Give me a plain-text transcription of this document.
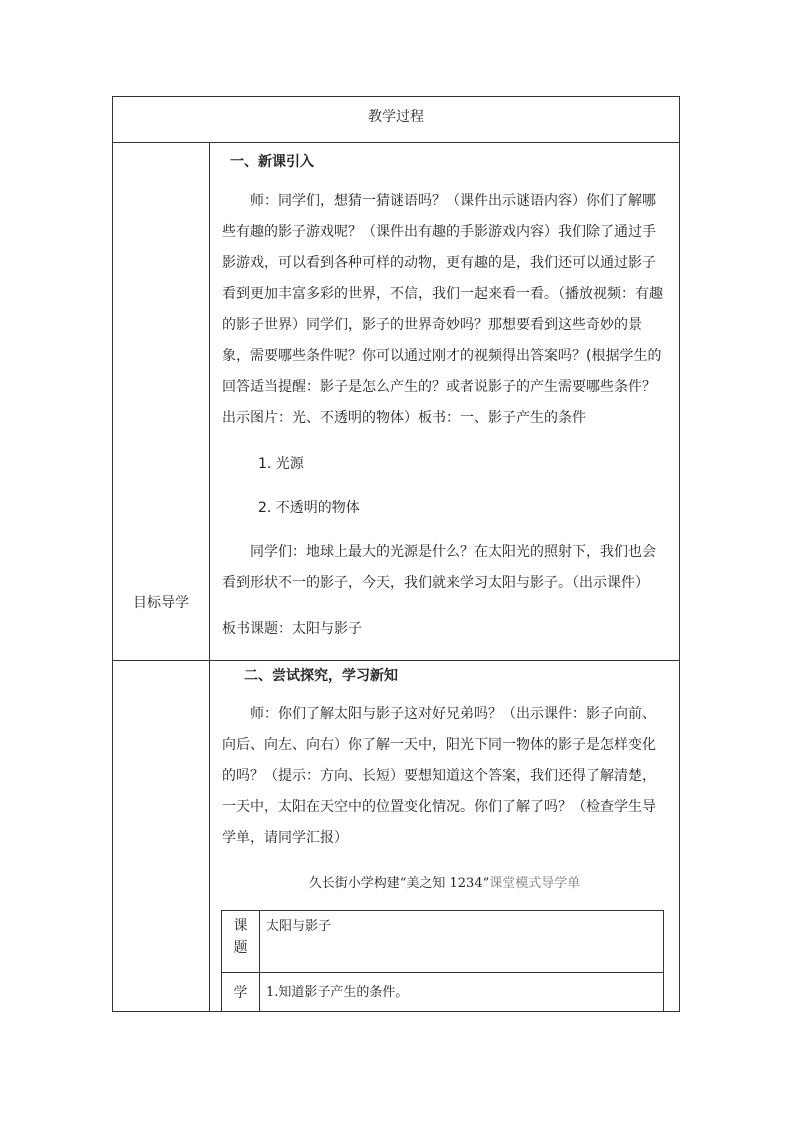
教学过程
目标导学
一、新课引入
师：同学们，想猜一猜谜语吗？（课件出示谜语内容）你们了解哪些有趣的影子游戏呢？（课件出有趣的手影游戏内容）我们除了通过手影游戏，可以看到各种可样的动物，更有趣的是，我们还可以通过影子看到更加丰富多彩的世界，不信，我们一起来看一看。（播放视频：有趣的影子世界）同学们，影子的世界奇妙吗？那想要看到这些奇妙的景象，需要哪些条件呢？你可以通过刚才的视频得出答案吗？(根据学生的回答适当提醒：影子是怎么产生的？或者说影子的产生需要哪些条件？出示图片：光、不透明的物体）板书：一、影子产生的条件
1. 光源
2. 不透明的物体
同学们：地球上最大的光源是什么？在太阳光的照射下，我们也会看到形状不一的影子，今天，我们就来学习太阳与影子。（出示课件）
板书课题：太阳与影子
二、尝试探究，学习新知
师：你们了解太阳与影子这对好兄弟吗？（出示课件：影子向前、向后、向左、向右）你了解一天中，阳光下同一物体的影子是怎样变化的吗？（提示：方向、长短）要想知道这个答案，我们还得了解清楚，一天中，太阳在天空中的位置变化情况。你们了解了吗？（检查学生导学单，请同学汇报）
久长街小学构建“美之知 1234”课堂模式导学单
课
题
太阳与影子
学	1.知道影子产生的条件。
